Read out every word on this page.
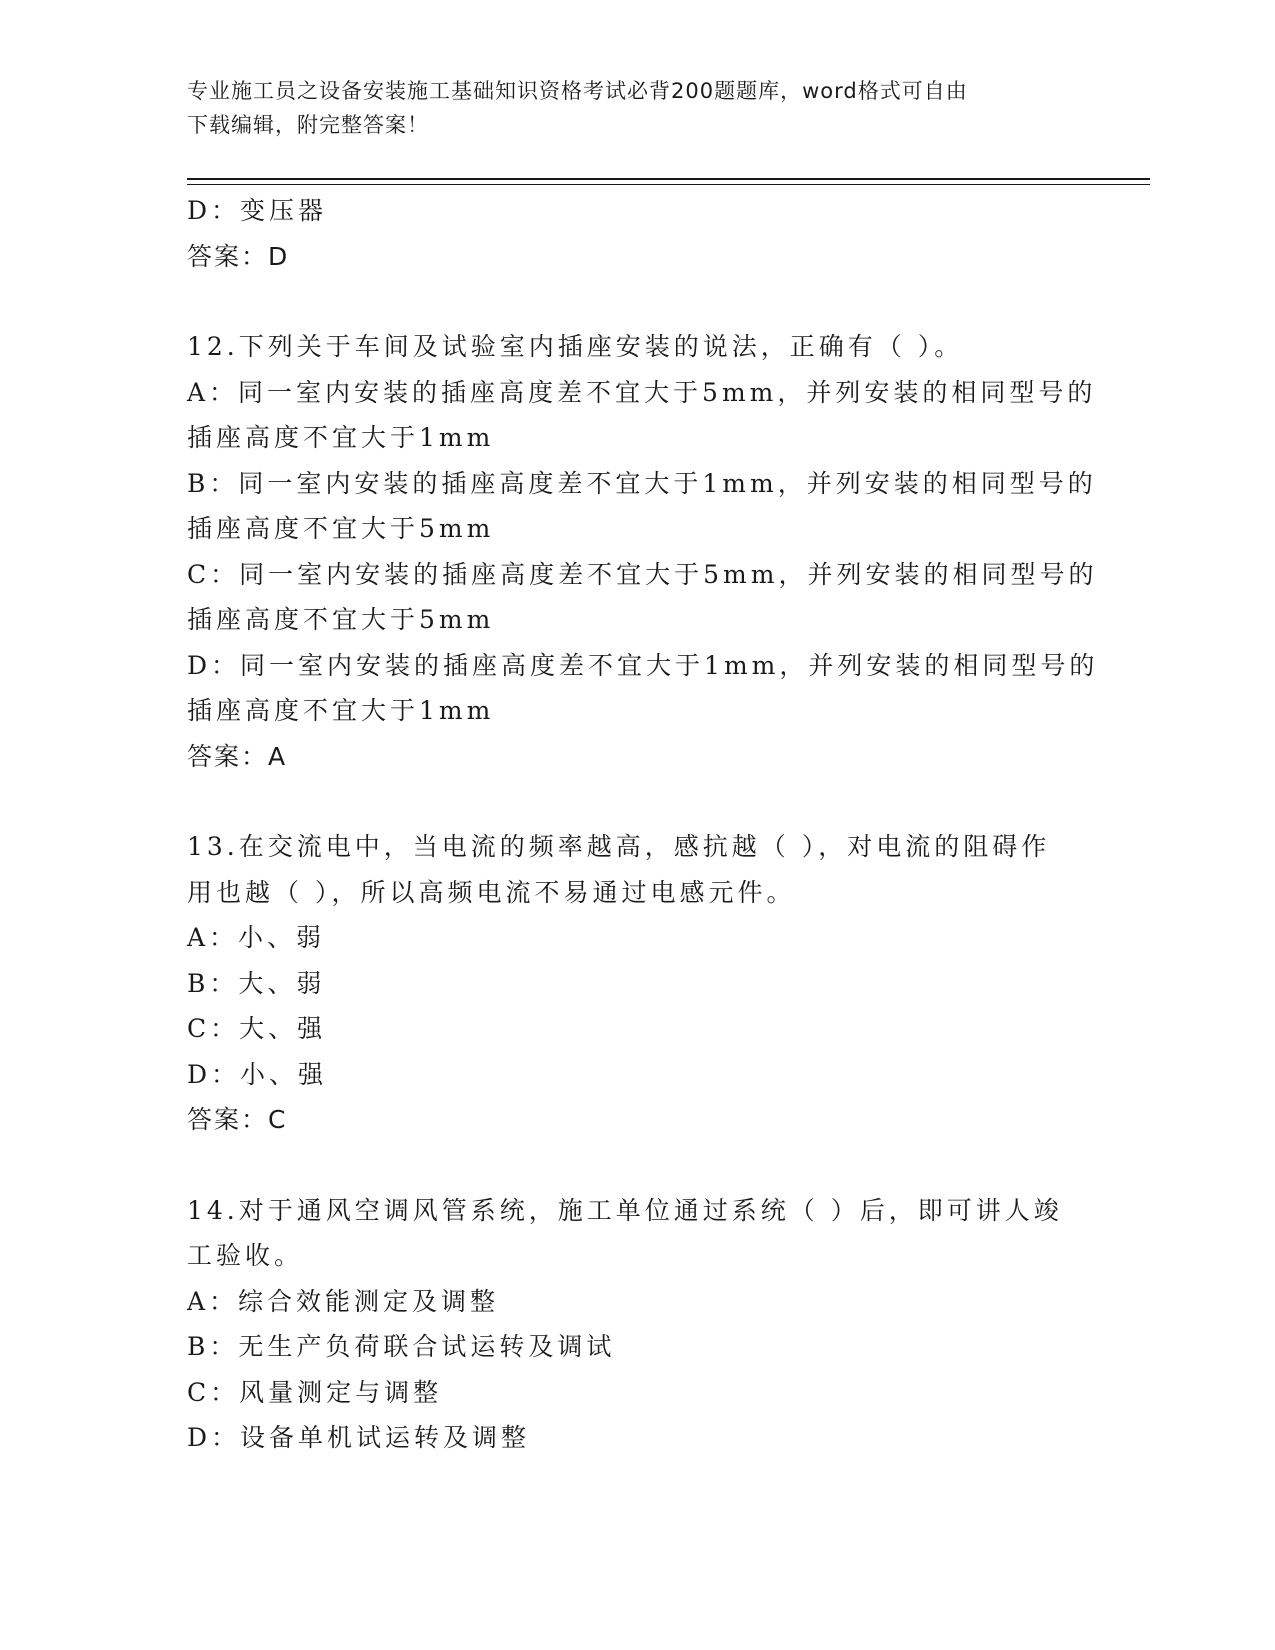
专业施工员之设备安装施工基础知识资格考试必背200题题库，word格式可自由
下载编辑，附完整答案！
D：变压器
答案：D
12.下列关于车间及试验室内插座安装的说法，正确有（ ）。
A：同一室内安装的插座高度差不宜大于5mm，并列安装的相同型号的
插座高度不宜大于1mm
B：同一室内安装的插座高度差不宜大于1mm，并列安装的相同型号的
插座高度不宜大于5mm
C：同一室内安装的插座高度差不宜大于5mm，并列安装的相同型号的
插座高度不宜大于5mm
D：同一室内安装的插座高度差不宜大于1mm，并列安装的相同型号的
插座高度不宜大于1mm
答案：A
13.在交流电中，当电流的频率越高，感抗越（ ），对电流的阻碍作
用也越（ ），所以高频电流不易通过电感元件。
A：小、弱
B：大、弱
C：大、强
D：小、强
答案：C
14.对于通风空调风管系统，施工单位通过系统（ ）后，即可讲人竣
工验收。
A：综合效能测定及调整
B：无生产负荷联合试运转及调试
C：风量测定与调整
D：设备单机试运转及调整
